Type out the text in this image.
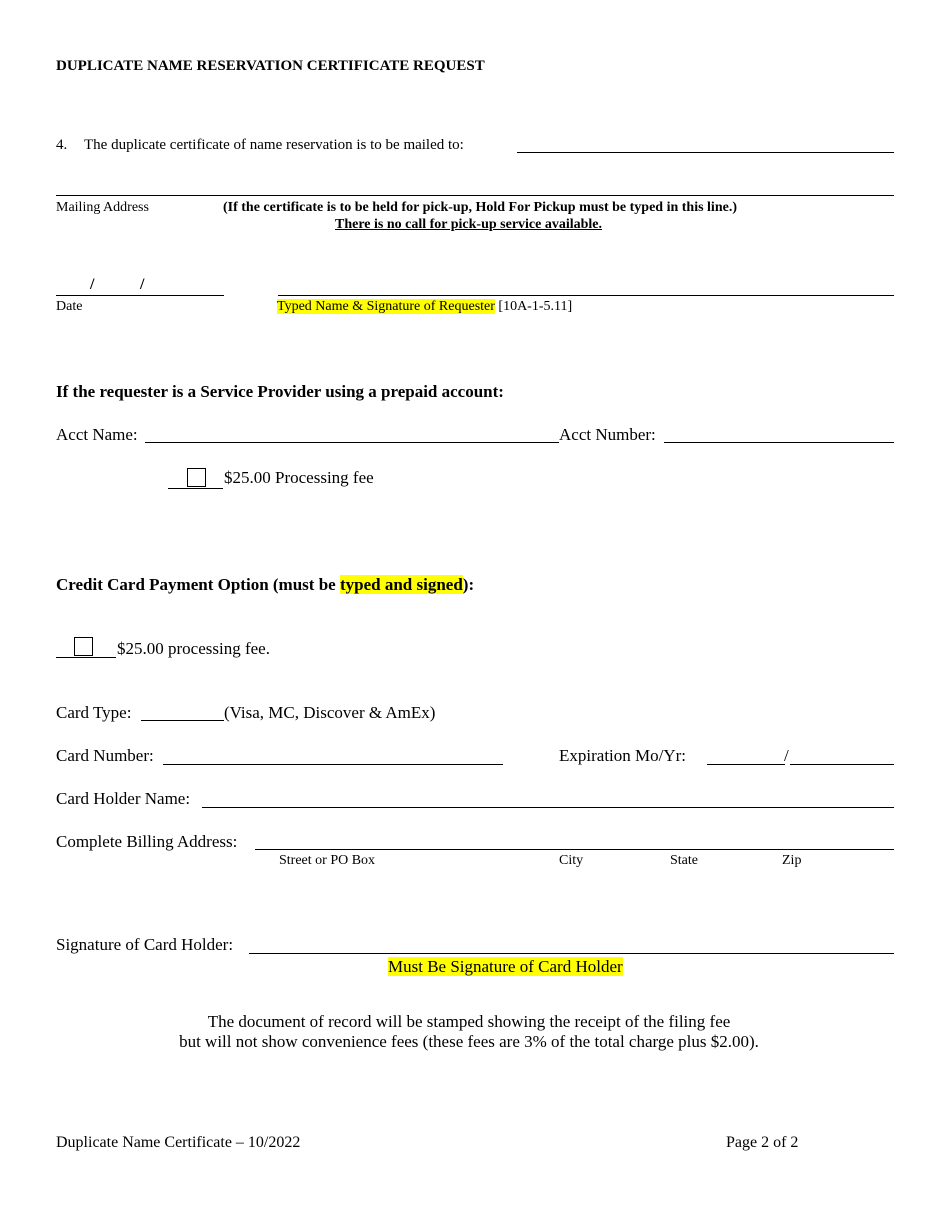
DUPLICATE NAME RESERVATION CERTIFICATE REQUEST
4. The duplicate certificate of name reservation is to be mailed to:
Mailing Address	(If the certificate is to be held for pick-up, Hold For Pickup must be typed in this line.)
There is no call for pick-up service available.
/	/
Date	Typed Name & Signature of Requester [10A-1-5.11]
If the requester is a Service Provider using a prepaid account:
Acct Name:	Acct Number:
$25.00 Processing fee
Credit Card Payment Option (must be typed and signed):
$25.00 processing fee.
Card Type:	(Visa, MC, Discover & AmEx)
Card Number:	Expiration Mo/Yr:	/
Card Holder Name:
Complete Billing Address:
Street or PO Box	City	State	Zip
Signature of Card Holder:
Must Be Signature of Card Holder
The document of record will be stamped showing the receipt of the filing fee
but will not show convenience fees (these fees are 3% of the total charge plus $2.00).
Duplicate Name Certificate – 10/2022	Page 2 of 2
